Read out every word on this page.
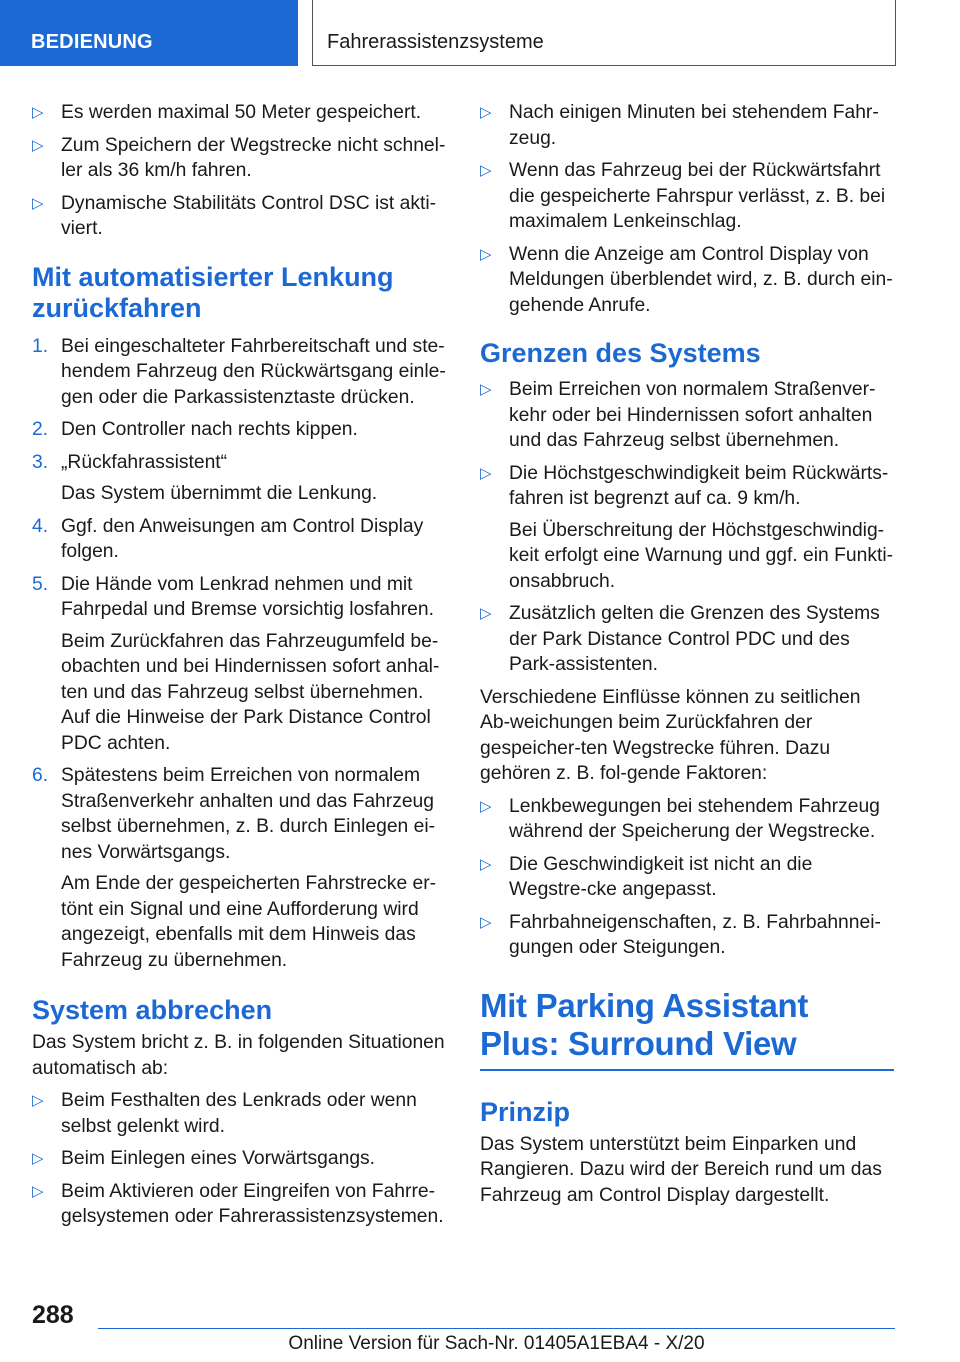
BEDIENUNG	Fahrerassistenzsysteme
▷ Es werden maximal 50 Meter gespeichert.
▷ Zum Speichern der Wegstrecke nicht schnel-ler als 36 km/h fahren.
▷ Dynamische Stabilitäts Control DSC ist akti-viert.
Mit automatisierter Lenkung zurückfahren
1. Bei eingeschalteter Fahrbereitschaft und ste-hendem Fahrzeug den Rückwärtsgang einle-gen oder die Parkassistenztaste drücken.
2. Den Controller nach rechts kippen.
3. „Rückfahrassistent“
Das System übernimmt die Lenkung.
4. Ggf. den Anweisungen am Control Display folgen.
5. Die Hände vom Lenkrad nehmen und mit Fahrpedal und Bremse vorsichtig losfahren.
Beim Zurückfahren das Fahrzeugumfeld be-obachten und bei Hindernissen sofort anhal-ten und das Fahrzeug selbst übernehmen. Auf die Hinweise der Park Distance Control PDC achten.
6. Spätestens beim Erreichen von normalem Straßenverkehr anhalten und das Fahrzeug selbst übernehmen, z. B. durch Einlegen ei-nes Vorwärtsgangs.
Am Ende der gespeicherten Fahrstrecke er-tönt ein Signal und eine Aufforderung wird angezeigt, ebenfalls mit dem Hinweis das Fahrzeug zu übernehmen.
System abbrechen
Das System bricht z. B. in folgenden Situationen automatisch ab:
▷ Beim Festhalten des Lenkrads oder wenn selbst gelenkt wird.
▷ Beim Einlegen eines Vorwärtsgangs.
▷ Beim Aktivieren oder Eingreifen von Fahrre-gelsystemen oder Fahrerassistenzsystemen.
▷ Nach einigen Minuten bei stehendem Fahr-zeug.
▷ Wenn das Fahrzeug bei der Rückwärtsfahrt die gespeicherte Fahrspur verlässt, z. B. bei maximalem Lenkeinschlag.
▷ Wenn die Anzeige am Control Display von Meldungen überblendet wird, z. B. durch ein-gehende Anrufe.
Grenzen des Systems
▷ Beim Erreichen von normalem Straßenver-kehr oder bei Hindernissen sofort anhalten und das Fahrzeug selbst übernehmen.
▷ Die Höchstgeschwindigkeit beim Rückwärts-fahren ist begrenzt auf ca. 9 km/h.
Bei Überschreitung der Höchstgeschwindig-keit erfolgt eine Warnung und ggf. ein Funkti-onsabbruch.
▷ Zusätzlich gelten die Grenzen des Systems der Park Distance Control PDC und des Park-assistenten.
Verschiedene Einflüsse können zu seitlichen Ab-weichungen beim Zurückfahren der gespeicher-ten Wegstrecke führen. Dazu gehören z. B. fol-gende Faktoren:
▷ Lenkbewegungen bei stehendem Fahrzeug während der Speicherung der Wegstrecke.
▷ Die Geschwindigkeit ist nicht an die Wegstre-cke angepasst.
▷ Fahrbahneigenschaften, z. B. Fahrbahnnei-gungen oder Steigungen.
Mit Parking Assistant Plus: Surround View
Prinzip
Das System unterstützt beim Einparken und Rangieren. Dazu wird der Bereich rund um das Fahrzeug am Control Display dargestellt.
288
Online Version für Sach-Nr. 01405A1EBA4 - X/20
